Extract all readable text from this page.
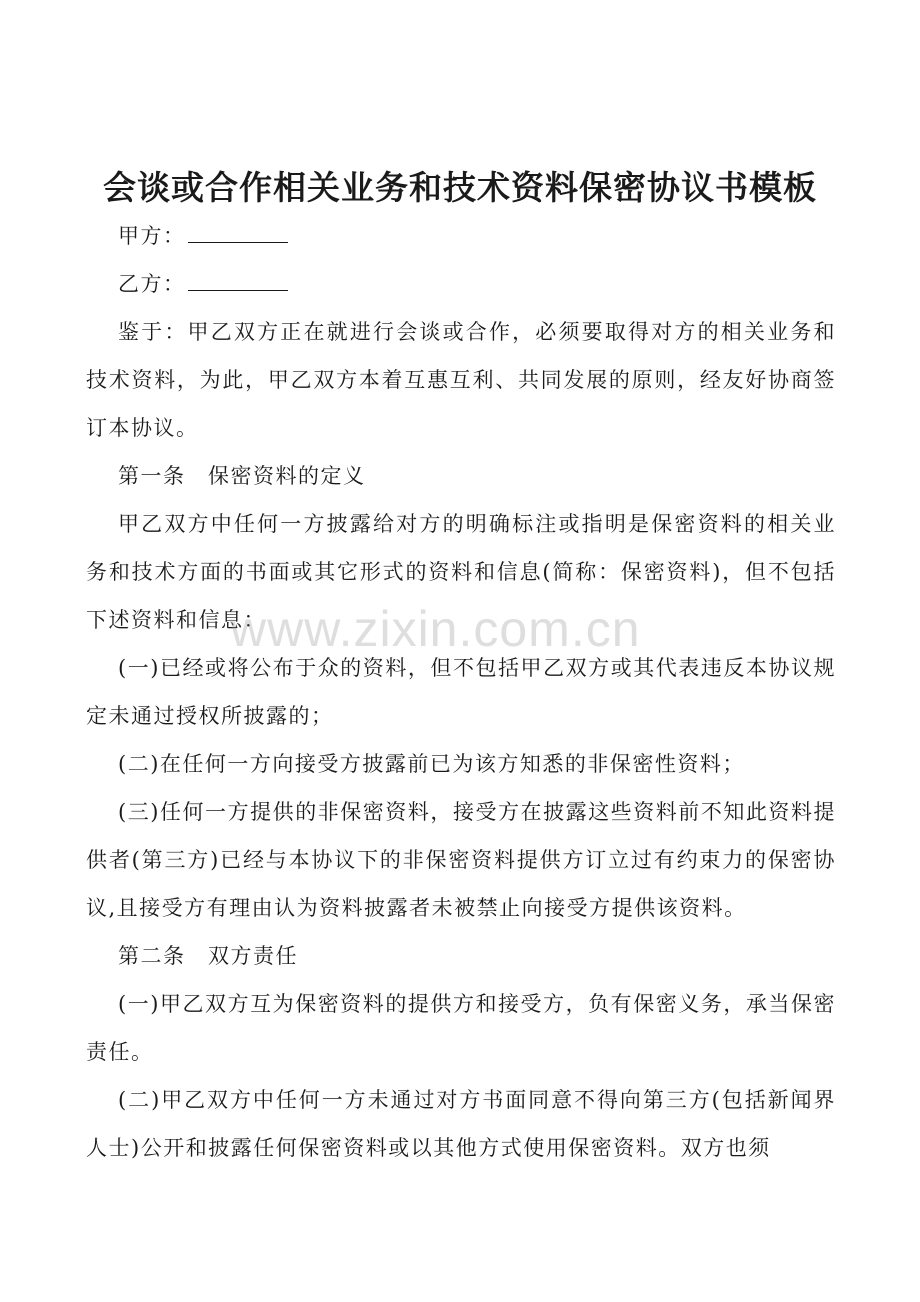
会谈或合作相关业务和技术资料保密协议书模板

甲方：

乙方：

鉴于：甲乙双方正在就进行会谈或合作，必须要取得对方的相关业务和技术资料，为此，甲乙双方本着互惠互利、共同发展的原则，经友好协商签订本协议。

第一条　保密资料的定义

甲乙双方中任何一方披露给对方的明确标注或指明是保密资料的相关业务和技术方面的书面或其它形式的资料和信息(简称：保密资料)，但不包括下述资料和信息：

(一)已经或将公布于众的资料，但不包括甲乙双方或其代表违反本协议规定未通过授权所披露的；

(二)在任何一方向接受方披露前已为该方知悉的非保密性资料；

(三)任何一方提供的非保密资料，接受方在披露这些资料前不知此资料提供者(第三方)已经与本协议下的非保密资料提供方订立过有约束力的保密协议,且接受方有理由认为资料披露者未被禁止向接受方提供该资料。

第二条　双方责任

(一)甲乙双方互为保密资料的提供方和接受方，负有保密义务，承当保密责任。

(二)甲乙双方中任何一方未通过对方书面同意不得向第三方(包括新闻界人士)公开和披露任何保密资料或以其他方式使用保密资料。双方也须

www.zixin.com.cn
